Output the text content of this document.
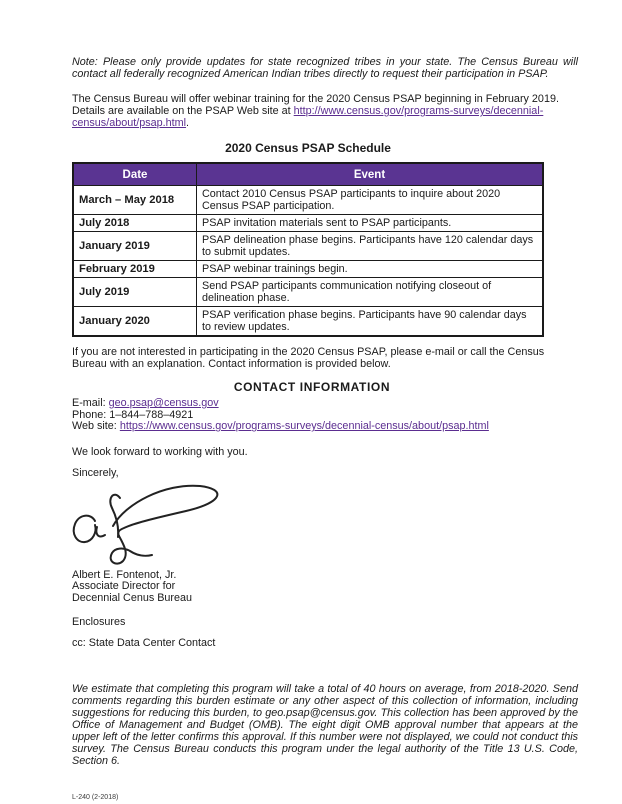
Note: Please only provide updates for state recognized tribes in your state. The Census Bureau will contact all federally recognized American Indian tribes directly to request their participation in PSAP.

The Census Bureau will offer webinar training for the 2020 Census PSAP beginning in February 2019. Details are available on the PSAP Web site at http://www.census.gov/programs-surveys/decennial-census/about/psap.html.

2020 Census PSAP Schedule
Date	Event
March – May 2018	Contact 2010 Census PSAP participants to inquire about 2020 Census PSAP participation.
July 2018	PSAP invitation materials sent to PSAP participants.
January 2019	PSAP delineation phase begins. Participants have 120 calendar days to submit updates.
February 2019	PSAP webinar trainings begin.
July 2019	Send PSAP participants communication notifying closeout of delineation phase.
January 2020	PSAP verification phase begins. Participants have 90 calendar days to review updates.

If you are not interested in participating in the 2020 Census PSAP, please e-mail or call the Census Bureau with an explanation. Contact information is provided below.

CONTACT INFORMATION
E-mail: geo.psap@census.gov
Phone: 1–844–788–4921
Web site: https://www.census.gov/programs-surveys/decennial-census/about/psap.html

We look forward to working with you.

Sincerely,

Albert E. Fontenot, Jr.
Associate Director for
Decennial Cenus Bureau

Enclosures

cc: State Data Center Contact

We estimate that completing this program will take a total of 40 hours on average, from 2018-2020. Send comments regarding this burden estimate or any other aspect of this collection of information, including suggestions for reducing this burden, to geo.psap@census.gov. This collection has been approved by the Office of Management and Budget (OMB). The eight digit OMB approval number that appears at the upper left of the letter confirms this approval. If this number were not displayed, we could not conduct this survey. The Census Bureau conducts this program under the legal authority of the Title 13 U.S. Code, Section 6.

L-240 (2-2018)
